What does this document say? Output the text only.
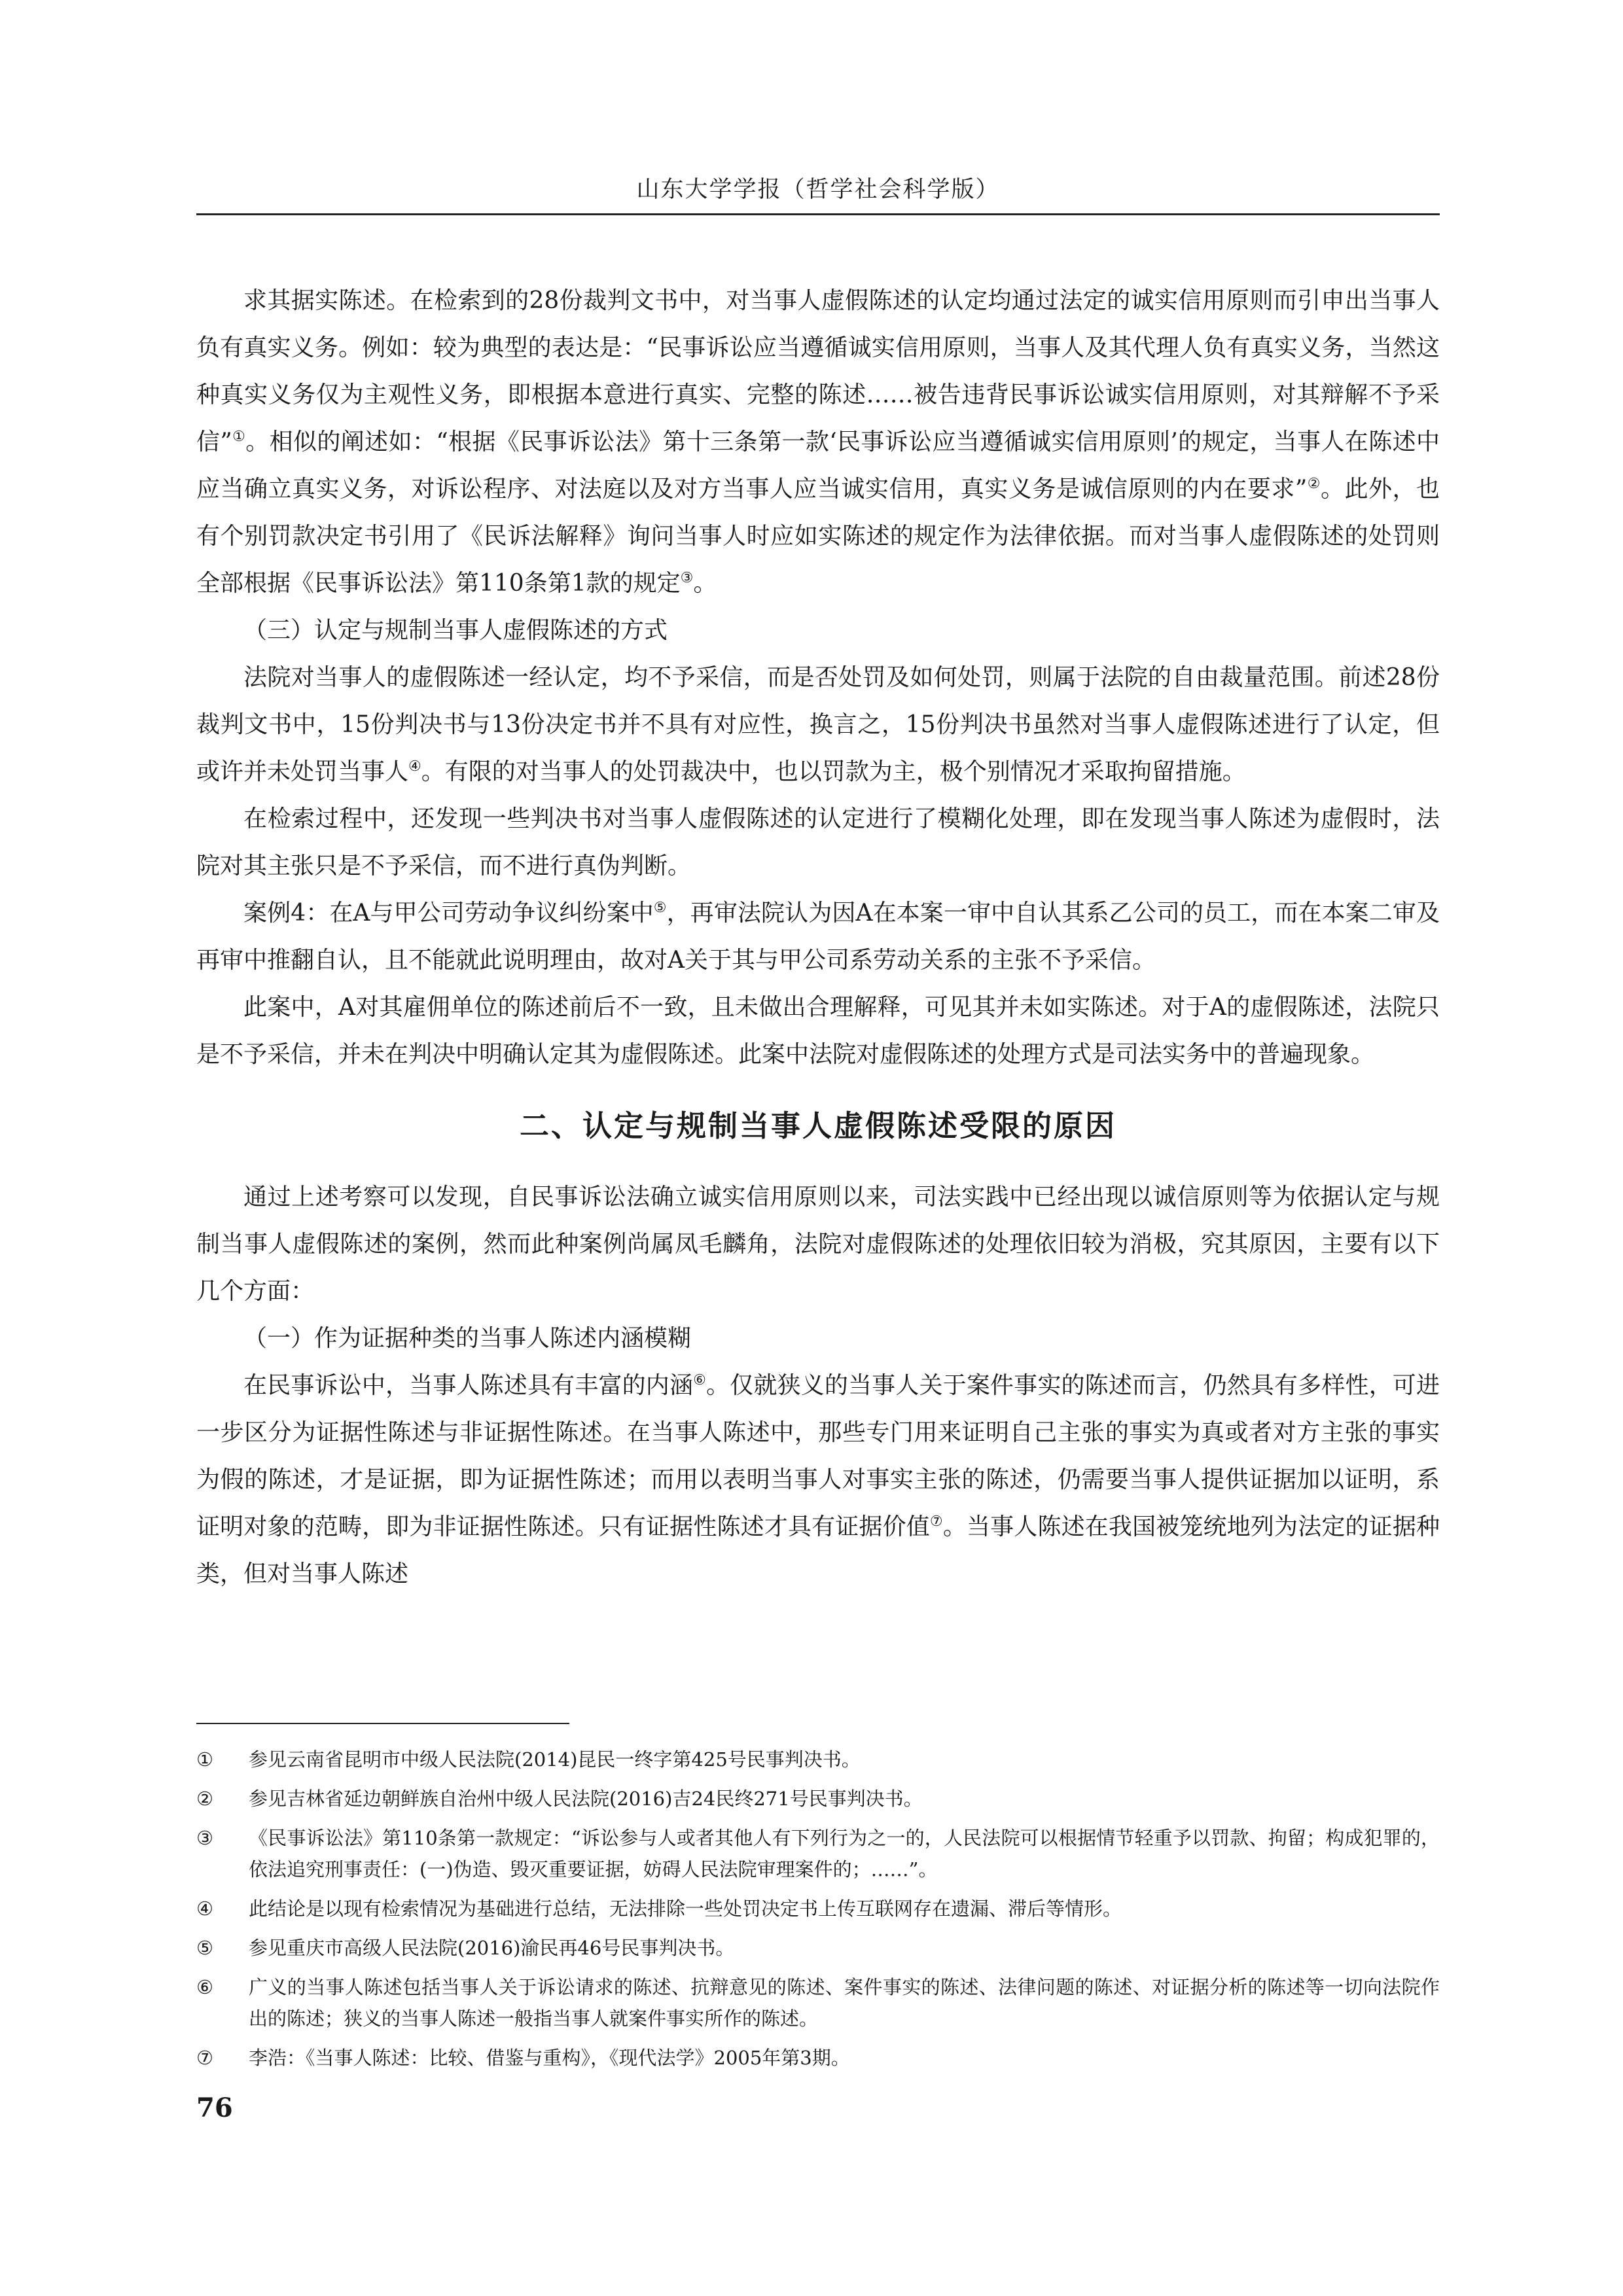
山东大学学报（哲学社会科学版）

求其据实陈述。在检索到的28份裁判文书中，对当事人虚假陈述的认定均通过法定的诚实信用原则而引申出当事人负有真实义务。例如：较为典型的表达是：“民事诉讼应当遵循诚实信用原则，当事人及其代理人负有真实义务，当然这种真实义务仅为主观性义务，即根据本意进行真实、完整的陈述……被告违背民事诉讼诚实信用原则，对其辩解不予采信”①。相似的阐述如：“根据《民事诉讼法》第十三条第一款‘民事诉讼应当遵循诚实信用原则’的规定，当事人在陈述中应当确立真实义务，对诉讼程序、对法庭以及对方当事人应当诚实信用，真实义务是诚信原则的内在要求”②。此外，也有个别罚款决定书引用了《民诉法解释》询问当事人时应如实陈述的规定作为法律依据。而对当事人虚假陈述的处罚则全部根据《民事诉讼法》第110条第1款的规定③。

（三）认定与规制当事人虚假陈述的方式

法院对当事人的虚假陈述一经认定，均不予采信，而是否处罚及如何处罚，则属于法院的自由裁量范围。前述28份裁判文书中，15份判决书与13份决定书并不具有对应性，换言之，15份判决书虽然对当事人虚假陈述进行了认定，但或许并未处罚当事人④。有限的对当事人的处罚裁决中，也以罚款为主，极个别情况才采取拘留措施。

在检索过程中，还发现一些判决书对当事人虚假陈述的认定进行了模糊化处理，即在发现当事人陈述为虚假时，法院对其主张只是不予采信，而不进行真伪判断。

案例4：在A与甲公司劳动争议纠纷案中⑤，再审法院认为因A在本案一审中自认其系乙公司的员工，而在本案二审及再审中推翻自认，且不能就此说明理由，故对A关于其与甲公司系劳动关系的主张不予采信。

此案中，A对其雇佣单位的陈述前后不一致，且未做出合理解释，可见其并未如实陈述。对于A的虚假陈述，法院只是不予采信，并未在判决中明确认定其为虚假陈述。此案中法院对虚假陈述的处理方式是司法实务中的普遍现象。

二、认定与规制当事人虚假陈述受限的原因

通过上述考察可以发现，自民事诉讼法确立诚实信用原则以来，司法实践中已经出现以诚信原则等为依据认定与规制当事人虚假陈述的案例，然而此种案例尚属凤毛麟角，法院对虚假陈述的处理依旧较为消极，究其原因，主要有以下几个方面：

（一）作为证据种类的当事人陈述内涵模糊

在民事诉讼中，当事人陈述具有丰富的内涵⑥。仅就狭义的当事人关于案件事实的陈述而言，仍然具有多样性，可进一步区分为证据性陈述与非证据性陈述。在当事人陈述中，那些专门用来证明自己主张的事实为真或者对方主张的事实为假的陈述，才是证据，即为证据性陈述；而用以表明当事人对事实主张的陈述，仍需要当事人提供证据加以证明，系证明对象的范畴，即为非证据性陈述。只有证据性陈述才具有证据价值⑦。当事人陈述在我国被笼统地列为法定的证据种类，但对当事人陈述

①	参见云南省昆明市中级人民法院(2014)昆民一终字第425号民事判决书。
②	参见吉林省延边朝鲜族自治州中级人民法院(2016)吉24民终271号民事判决书。
③	《民事诉讼法》第110条第一款规定：“诉讼参与人或者其他人有下列行为之一的，人民法院可以根据情节轻重予以罚款、拘留；构成犯罪的，依法追究刑事责任：(一)伪造、毁灭重要证据，妨碍人民法院审理案件的；……”。
④	此结论是以现有检索情况为基础进行总结，无法排除一些处罚决定书上传互联网存在遗漏、滞后等情形。
⑤	参见重庆市高级人民法院(2016)渝民再46号民事判决书。
⑥	广义的当事人陈述包括当事人关于诉讼请求的陈述、抗辩意见的陈述、案件事实的陈述、法律问题的陈述、对证据分析的陈述等一切向法院作出的陈述；狭义的当事人陈述一般指当事人就案件事实所作的陈述。
⑦	李浩：《当事人陈述：比较、借鉴与重构》，《现代法学》2005年第3期。
76
